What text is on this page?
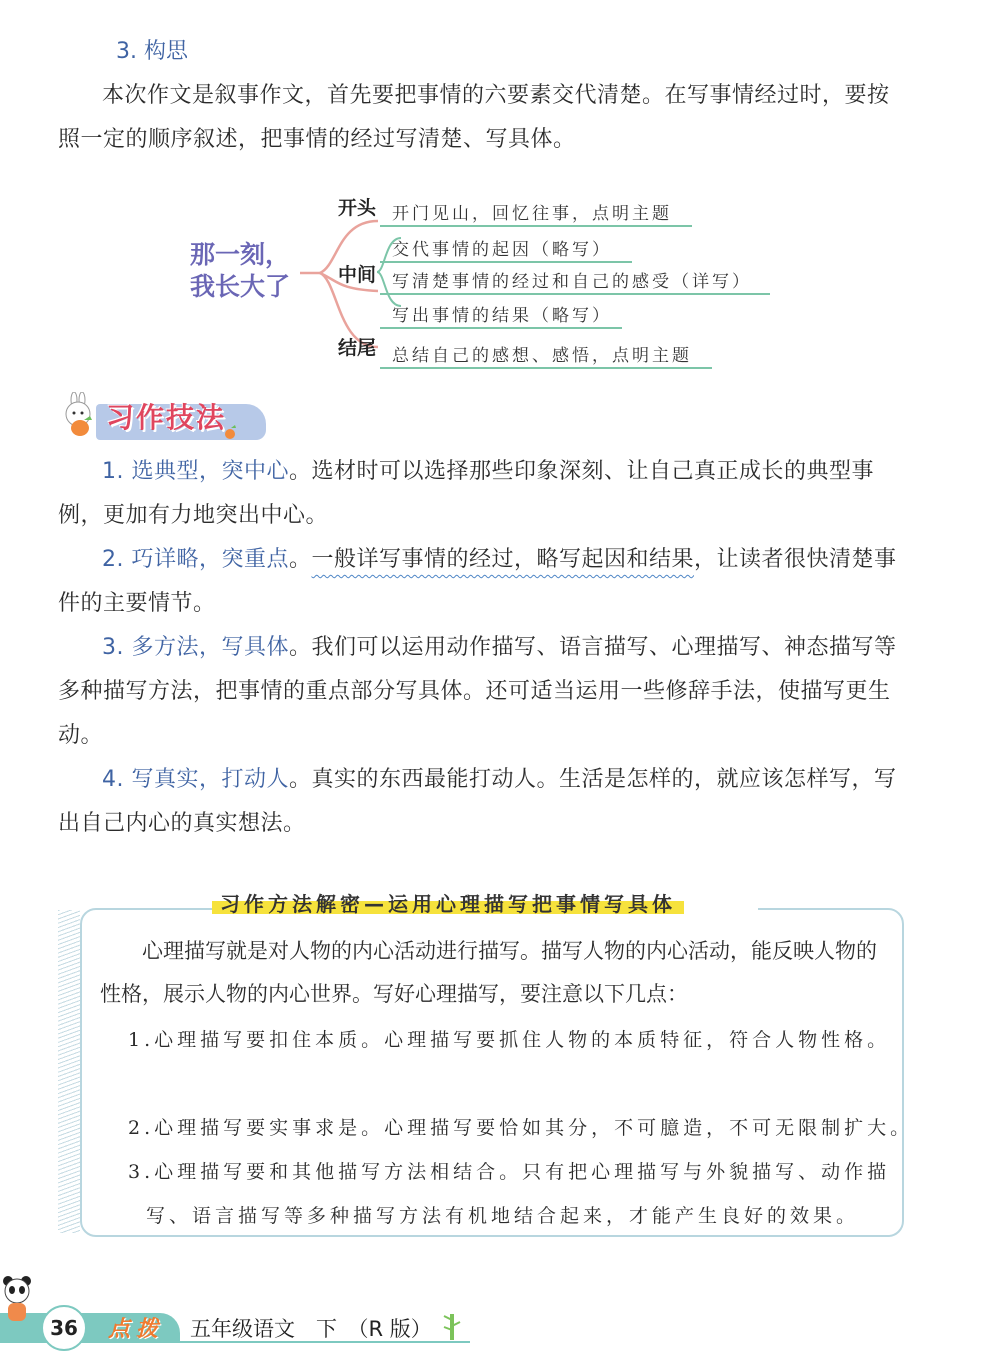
3. 构思
本次作文是叙事作文，首先要把事情的六要素交代清楚。在写事情经过时，要按照一定的顺序叙述，把事情的经过写清楚、写具体。
那一刻，
我长大了
开头
中间
结尾
开门见山，回忆往事，点明主题
交代事情的起因（略写）
写清楚事情的经过和自己的感受（详写）
写出事情的结果（略写）
总结自己的感想、感悟，点明主题
习作技法
1. 选典型，突中心。选材时可以选择那些印象深刻、让自己真正成长的典型事例，更加有力地突出中心。
2. 巧详略，突重点。一般详写事情的经过，略写起因和结果，让读者很快清楚事件的主要情节。
3. 多方法，写具体。我们可以运用动作描写、语言描写、心理描写、神态描写等多种描写方法，把事情的重点部分写具体。还可适当运用一些修辞手法，使描写更生动。
4. 写真实，打动人。真实的东西最能打动人。生活是怎样的，就应该怎样写，写出自己内心的真实想法。
习作方法解密—运用心理描写把事情写具体
心理描写就是对人物的内心活动进行描写。描写人物的内心活动，能反映人物的性格，展示人物的内心世界。写好心理描写，要注意以下几点：
1.心理描写要扣住本质。心理描写要抓住人物的本质特征，符合人物性格。
2.心理描写要实事求是。心理描写要恰如其分，不可臆造，不可无限制扩大。
3.心理描写要和其他描写方法相结合。只有把心理描写与外貌描写、动作描写、语言描写等多种描写方法有机地结合起来，才能产生良好的效果。
36	点拨 五年级语文　下　（R 版）
